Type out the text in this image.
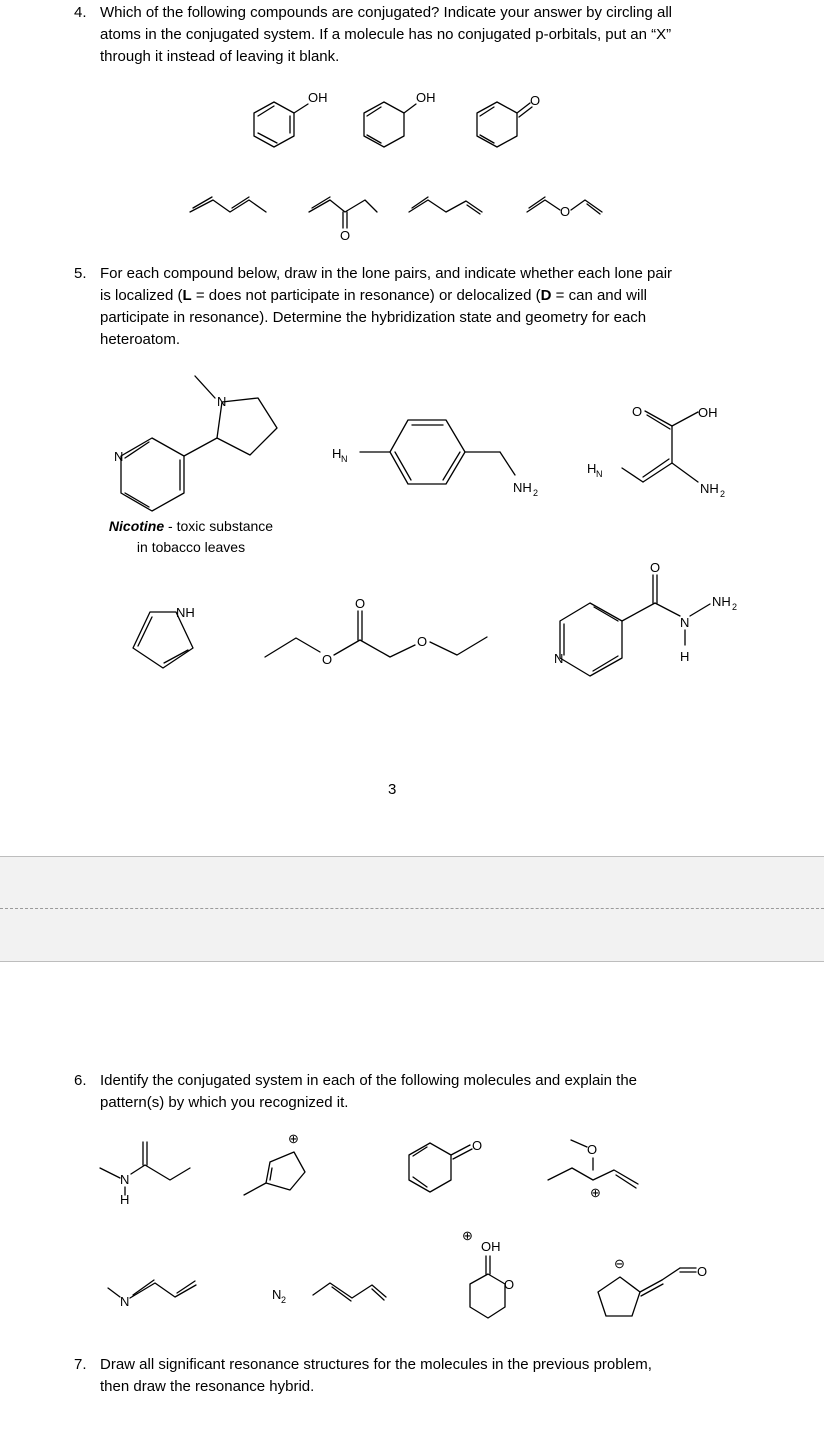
4. Which of the following compounds are conjugated? Indicate your answer by circling all
atoms in the conjugated system. If a molecule has no conjugated p-orbitals, put an “X”
through it instead of leaving it blank.
5. For each compound below, draw in the lone pairs, and indicate whether each lone pair
is localized (L = does not participate in resonance) or delocalized (D = can and will
participate in resonance). Determine the hybridization state and geometry for each
heteroatom.
Nicotine - toxic substance
in tobacco leaves
3
6. Identify the conjugated system in each of the following molecules and explain the
pattern(s) by which you recognized it.
7. Draw all significant resonance structures for the molecules in the previous problem,
then draw the resonance hybrid.
OH	OH	O
O
O
N
N
H N
NH 2
O	OH
NH 2
H N
NH
O
O
O
N
O
N
H
NH 2
N
H
⊕	O	O
⊕
N	N 2
⊕
OH
O
⊖
O
